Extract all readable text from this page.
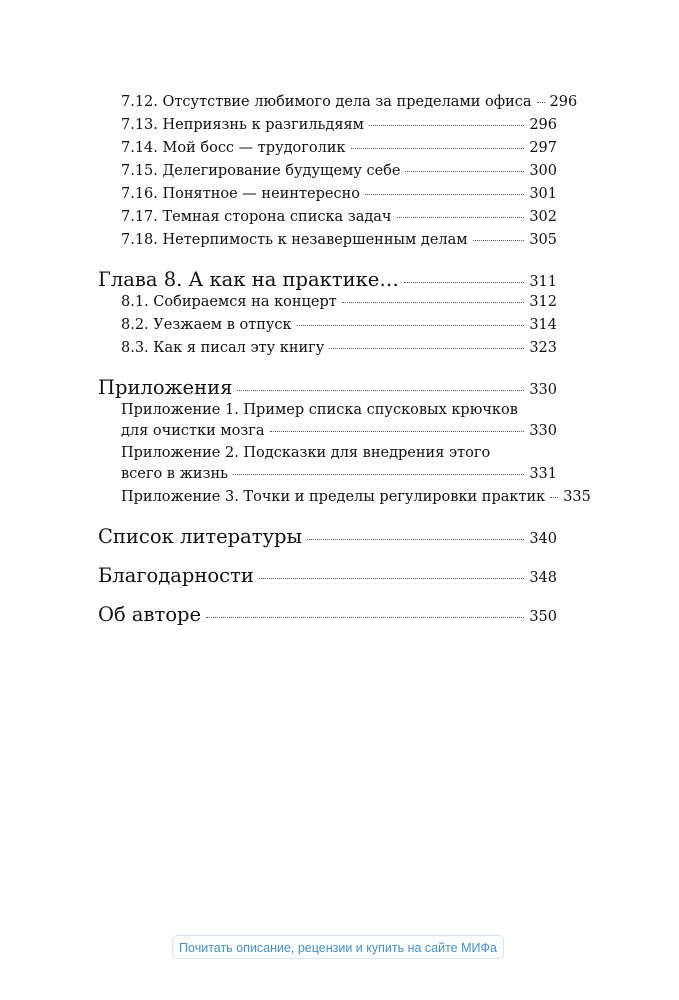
7.12. Отсутствие любимого дела за пределами офиса 296
7.13. Неприязнь к разгильдяям	296
7.14. Мой босс — трудоголик	297
7.15. Делегирование будущему себе	300
7.16. Понятное — неинтересно	301
7.17. Темная сторона списка задач	302
7.18. Нетерпимость к незавершенным делам	305
Глава 8. А как на практике…	311
8.1. Собираемся на концерт	312
8.2. Уезжаем в отпуск	314
8.3. Как я писал эту книгу	323
Приложения	330
Приложение 1. Пример списка спусковых крючков
для очистки мозга	330
Приложение 2. Подсказки для внедрения этого
всего в жизнь	331
Приложение 3. Точки и пределы регулировки практик 335
Список литературы	340
Благодарности	348
Об авторе	350
Почитать описание, рецензии и купить на сайте МИФа
